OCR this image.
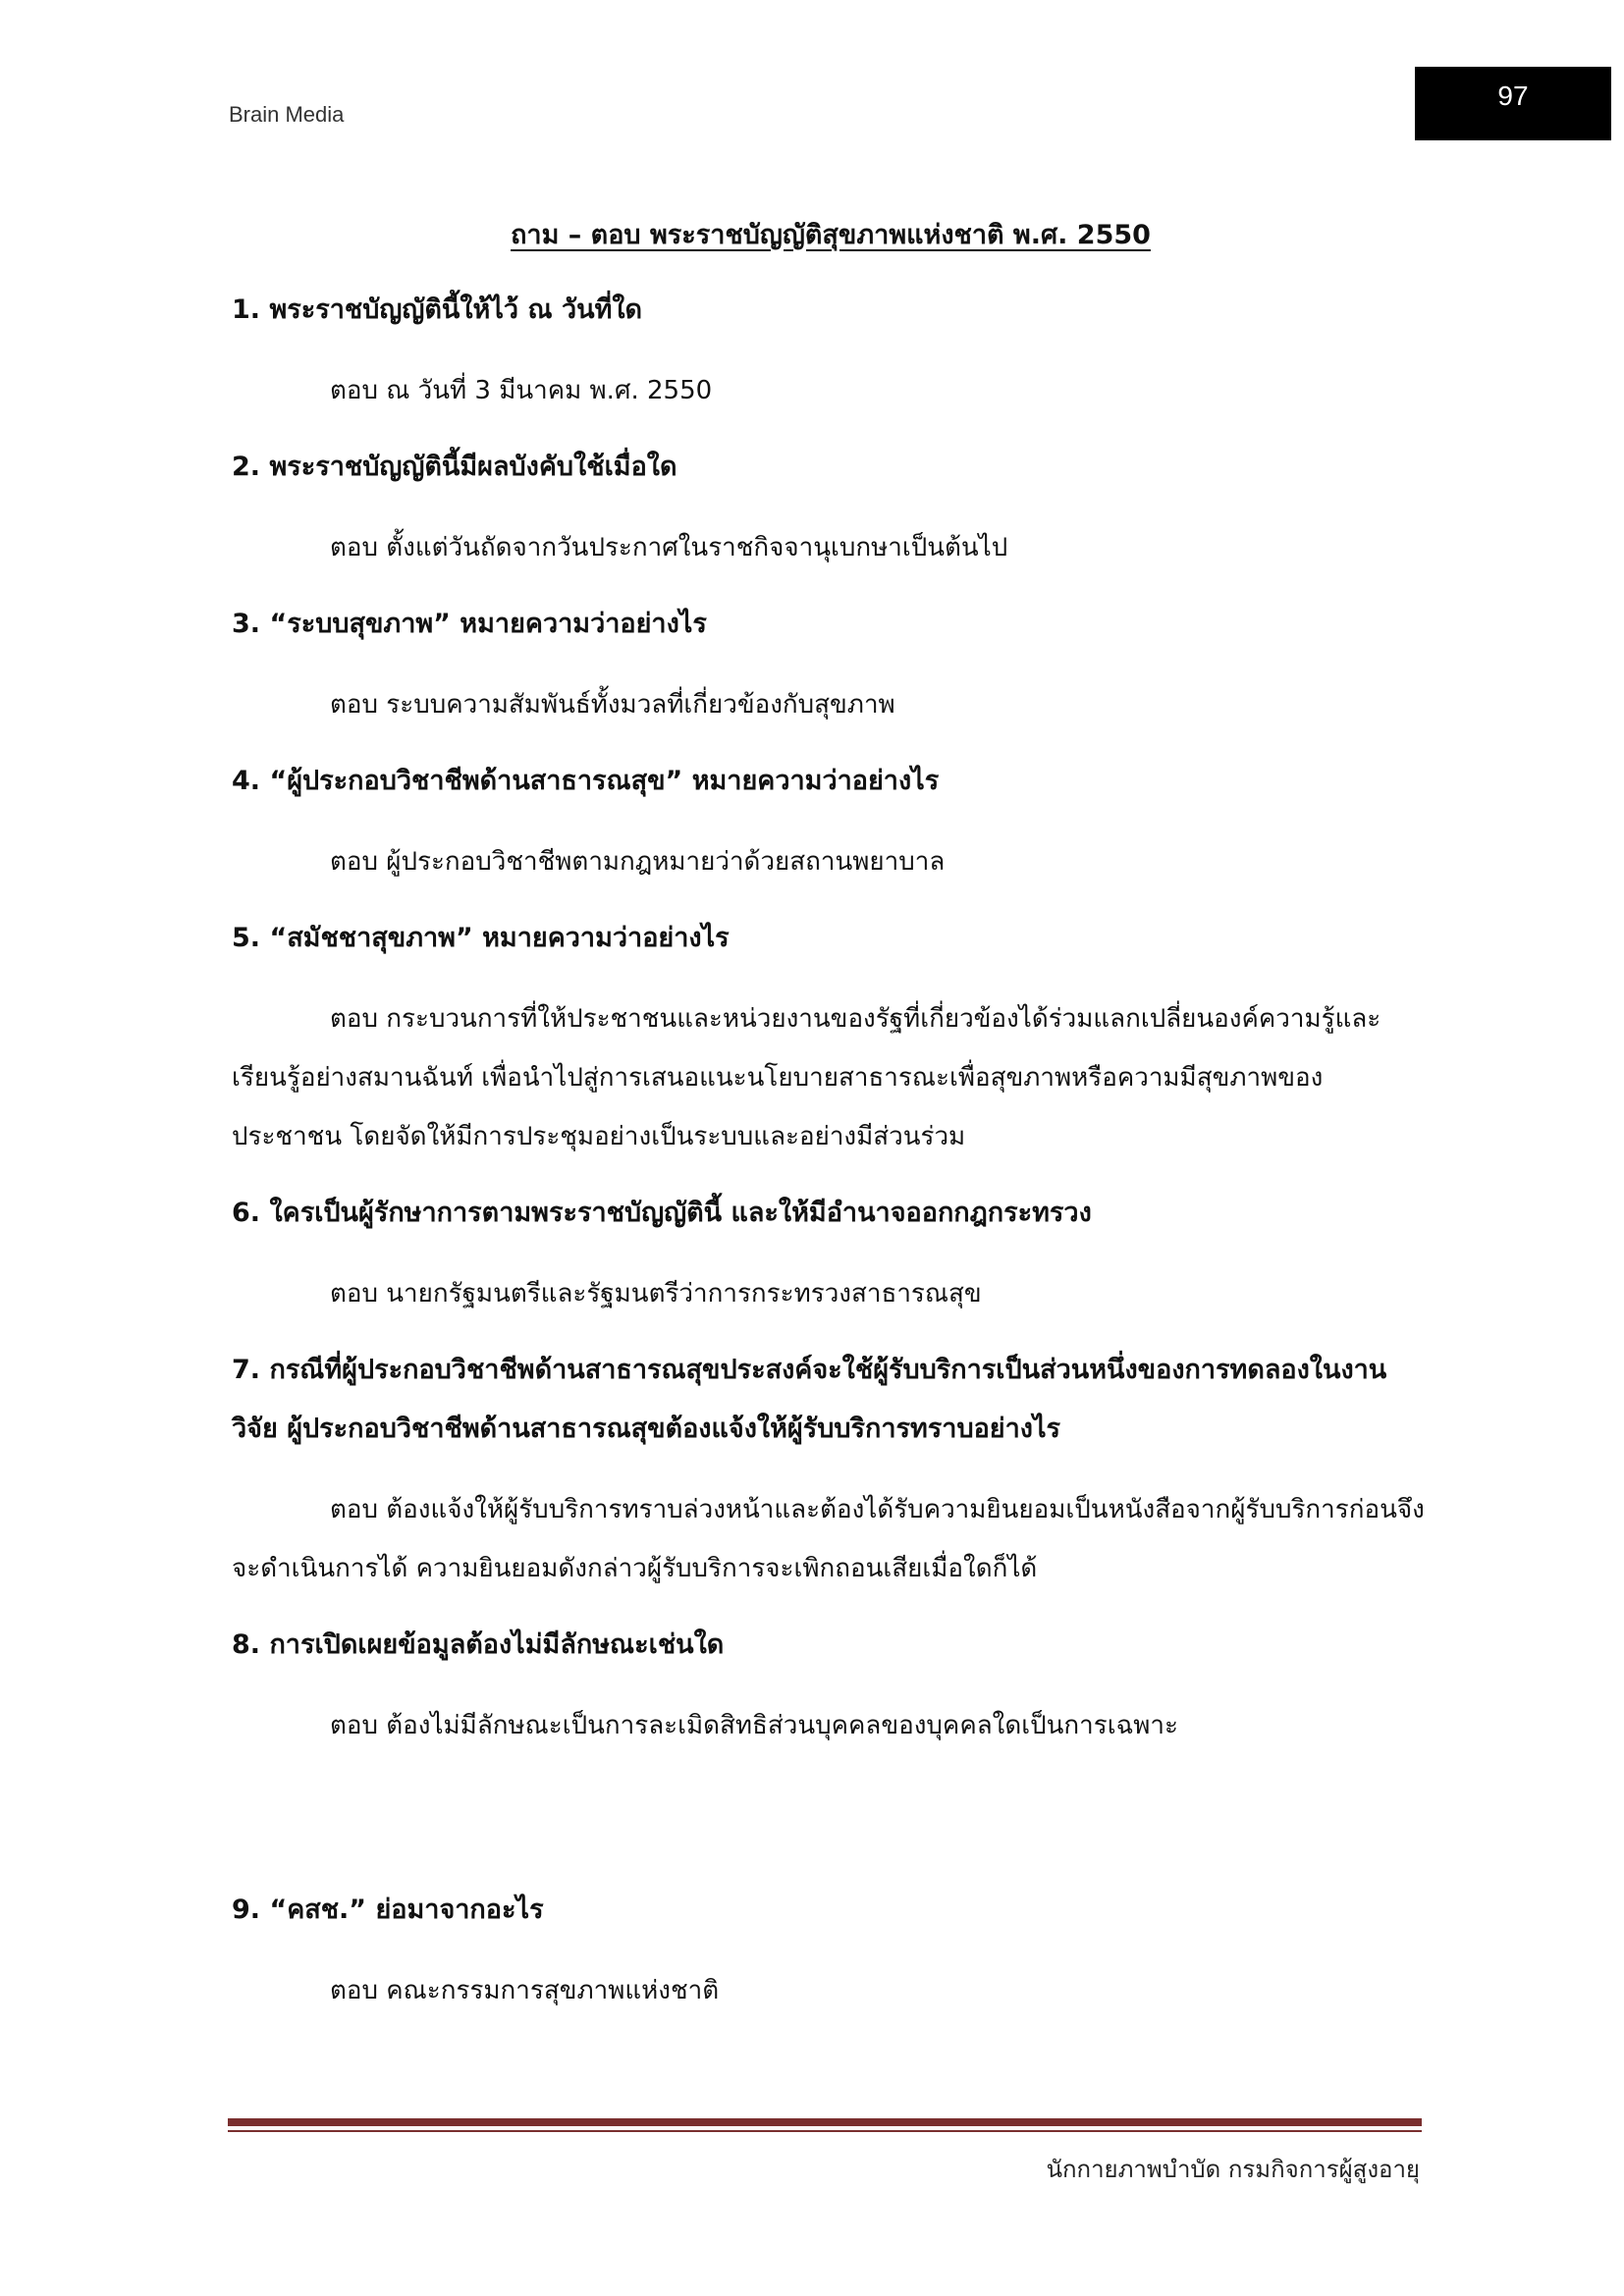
Brain Media
97
ถาม – ตอบ พระราชบัญญัติสุขภาพแห่งชาติ พ.ศ. 2550
1. พระราชบัญญัตินี้ให้ไว้ ณ วันที่ใด
ตอบ ณ วันที่ 3 มีนาคม พ.ศ. 2550
2. พระราชบัญญัตินี้มีผลบังคับใช้เมื่อใด
ตอบ ตั้งแต่วันถัดจากวันประกาศในราชกิจจานุเบกษาเป็นต้นไป
3. “ระบบสุขภาพ” หมายความว่าอย่างไร
ตอบ ระบบความสัมพันธ์ทั้งมวลที่เกี่ยวข้องกับสุขภาพ
4. “ผู้ประกอบวิชาชีพด้านสาธารณสุข” หมายความว่าอย่างไร
ตอบ ผู้ประกอบวิชาชีพตามกฎหมายว่าด้วยสถานพยาบาล
5. “สมัชชาสุขภาพ” หมายความว่าอย่างไร
ตอบ กระบวนการที่ให้ประชาชนและหน่วยงานของรัฐที่เกี่ยวข้องได้ร่วมแลกเปลี่ยนองค์ความรู้และเรียนรู้อย่างสมานฉันท์ เพื่อนำไปสู่การเสนอแนะนโยบายสาธารณะเพื่อสุขภาพหรือความมีสุขภาพของประชาชน โดยจัดให้มีการประชุมอย่างเป็นระบบและอย่างมีส่วนร่วม
6. ใครเป็นผู้รักษาการตามพระราชบัญญัตินี้ และให้มีอำนาจออกกฎกระทรวง
ตอบ นายกรัฐมนตรีและรัฐมนตรีว่าการกระทรวงสาธารณสุข
7. กรณีที่ผู้ประกอบวิชาชีพด้านสาธารณสุขประสงค์จะใช้ผู้รับบริการเป็นส่วนหนึ่งของการทดลองในงานวิจัย ผู้ประกอบวิชาชีพด้านสาธารณสุขต้องแจ้งให้ผู้รับบริการทราบอย่างไร
ตอบ ต้องแจ้งให้ผู้รับบริการทราบล่วงหน้าและต้องได้รับความยินยอมเป็นหนังสือจากผู้รับบริการก่อนจึงจะดำเนินการได้ ความยินยอมดังกล่าวผู้รับบริการจะเพิกถอนเสียเมื่อใดก็ได้
8. การเปิดเผยข้อมูลต้องไม่มีลักษณะเช่นใด
ตอบ ต้องไม่มีลักษณะเป็นการละเมิดสิทธิส่วนบุคคลของบุคคลใดเป็นการเฉพาะ
9. “คสช.” ย่อมาจากอะไร
ตอบ คณะกรรมการสุขภาพแห่งชาติ
นักกายภาพบำบัด กรมกิจการผู้สูงอายุ
